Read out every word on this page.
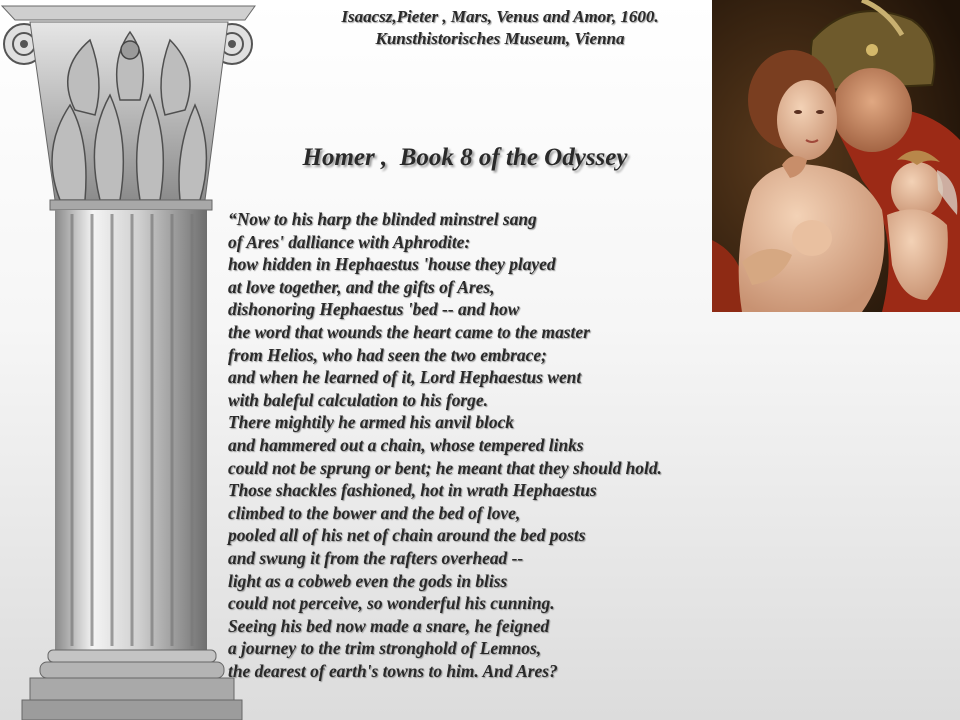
Isaacsz,Pieter , Mars, Venus and Amor, 1600.
Kunsthistorisches Museum, Vienna
Homer ,  Book 8 of the Odyssey
“Now to his harp the blinded minstrel sang
of Ares' dalliance with Aphrodite:
how hidden in Hephaestus 'house they played
at love together, and the gifts of Ares,
dishonoring Hephaestus 'bed -- and how
the word that wounds the heart came to the master
from Helios, who had seen the two embrace;
and when he learned of it, Lord Hephaestus went
with baleful calculation to his forge.
There mightily he armed his anvil block
and hammered out a chain, whose tempered links
could not be sprung or bent; he meant that they should hold.
Those shackles fashioned, hot in wrath Hephaestus
climbed to the bower and the bed of love,
pooled all of his net of chain around the bed posts
and swung it from the rafters overhead --
light as a cobweb even the gods in bliss
could not perceive, so wonderful his cunning.
Seeing his bed now made a snare, he feigned
a journey to the trim stronghold of Lemnos,
the dearest of earth's towns to him. And Ares?
